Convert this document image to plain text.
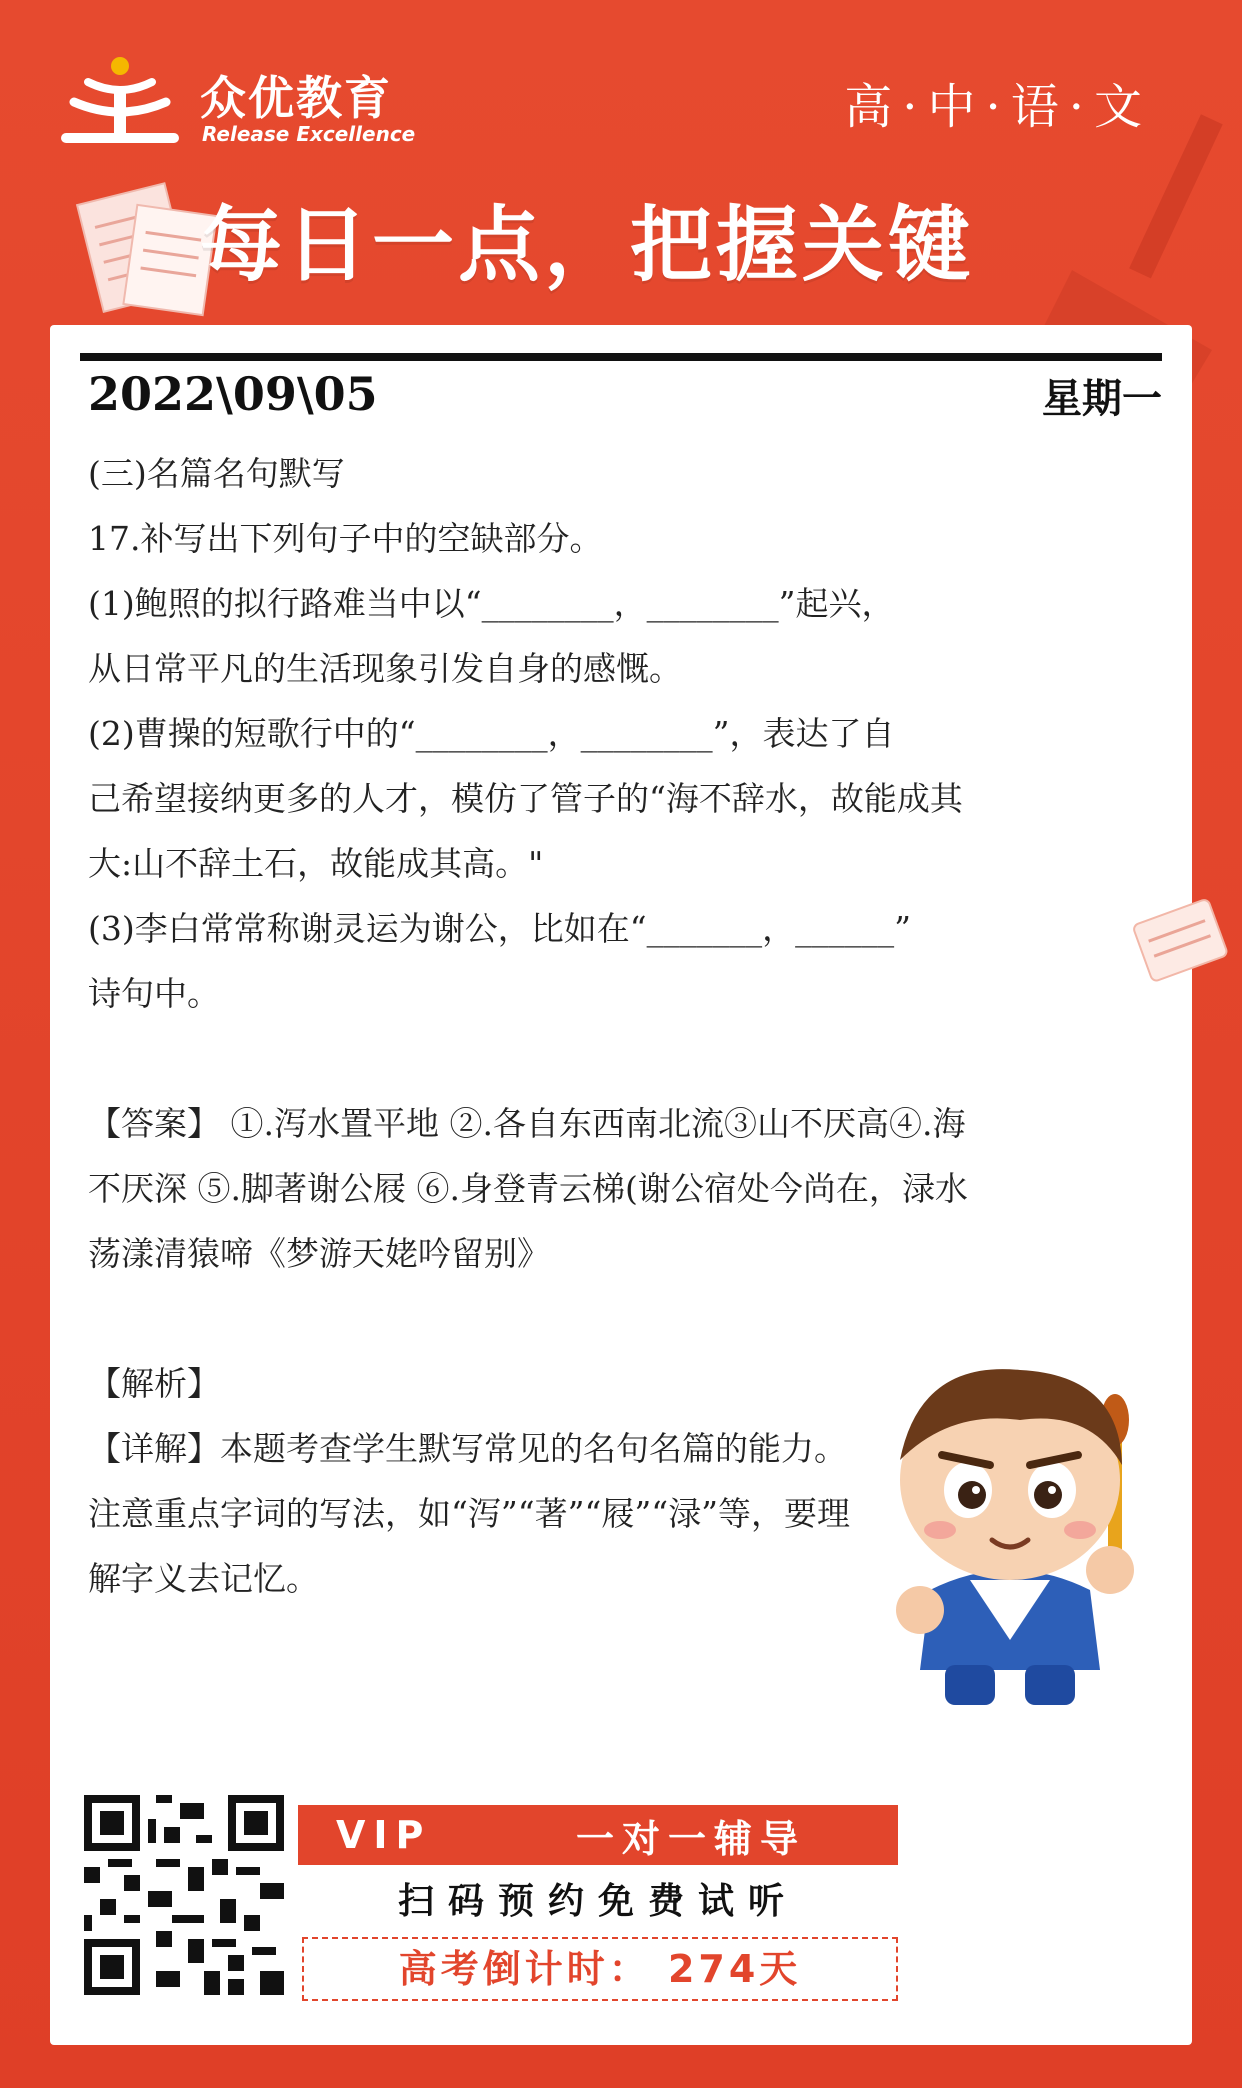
众优教育
Release Excellence	高·中·语·文
每日一点，把握关键
2022\09\05	星期一

(三)名篇名句默写

17.补写出下列句子中的空缺部分。

(1)鲍照的拟行路难当中以“________，________”起兴，

从日常平凡的生活现象引发自身的感慨。

(2)曹操的短歌行中的“________，________”，表达了自

己希望接纳更多的人才，模仿了管子的“海不辞水，故能成其

大:山不辞土石，故能成其高。"

(3)李白常常称谢灵运为谢公，比如在“_______，______”

诗句中。

【答案】 ①.泻水置平地 ②.各自东西南北流③山不厌高④.海

不厌深 ⑤.脚著谢公屐 ⑥.身登青云梯(谢公宿处今尚在，渌水

荡漾清猿啼《梦游天姥吟留别》

【解析】

【详解】本题考查学生默写常见的名句名篇的能力。

注意重点字词的写法，如“泻”“著”“屐”“渌”等，要理

解字义去记忆。

VIP	一对一辅导
扫码预约免费试听
高考倒计时： 274天
